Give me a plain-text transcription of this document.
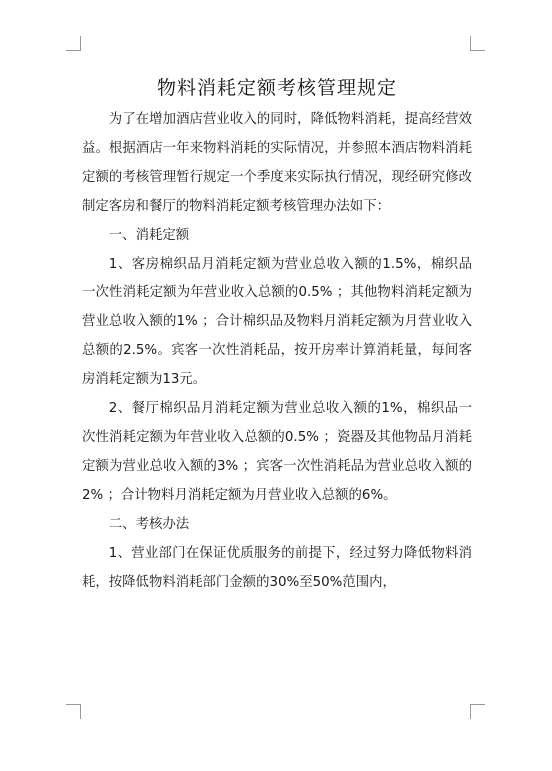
物料消耗定额考核管理规定

为了在增加酒店营业收入的同时，降低物料消耗，提高经营效益。根据酒店一年来物料消耗的实际情况，并参照本酒店物料消耗定额的考核管理暂行规定一个季度来实际执行情况，现经研究修改制定客房和餐厅的物料消耗定额考核管理办法如下：

一、消耗定额

1、客房棉织品月消耗定额为营业总收入额的1.5%，棉织品一次性消耗定额为年营业收入总额的0.5% ；其他物料消耗定额为营业总收入额的1% ；合计棉织品及物料月消耗定额为月营业收入总额的2.5%。宾客一次性消耗品，按开房率计算消耗量，每间客房消耗定额为13元。

2、餐厅棉织品月消耗定额为营业总收入额的1%，棉织品一次性消耗定额为年营业收入总额的0.5% ；瓷器及其他物品月消耗定额为营业总收入额的3% ；宾客一次性消耗品为营业总收入额的2% ；合计物料月消耗定额为月营业收入总额的6%。

二、考核办法

1、营业部门在保证优质服务的前提下，经过努力降低物料消耗，按降低物料消耗部门金额的30%至50%范围内，
